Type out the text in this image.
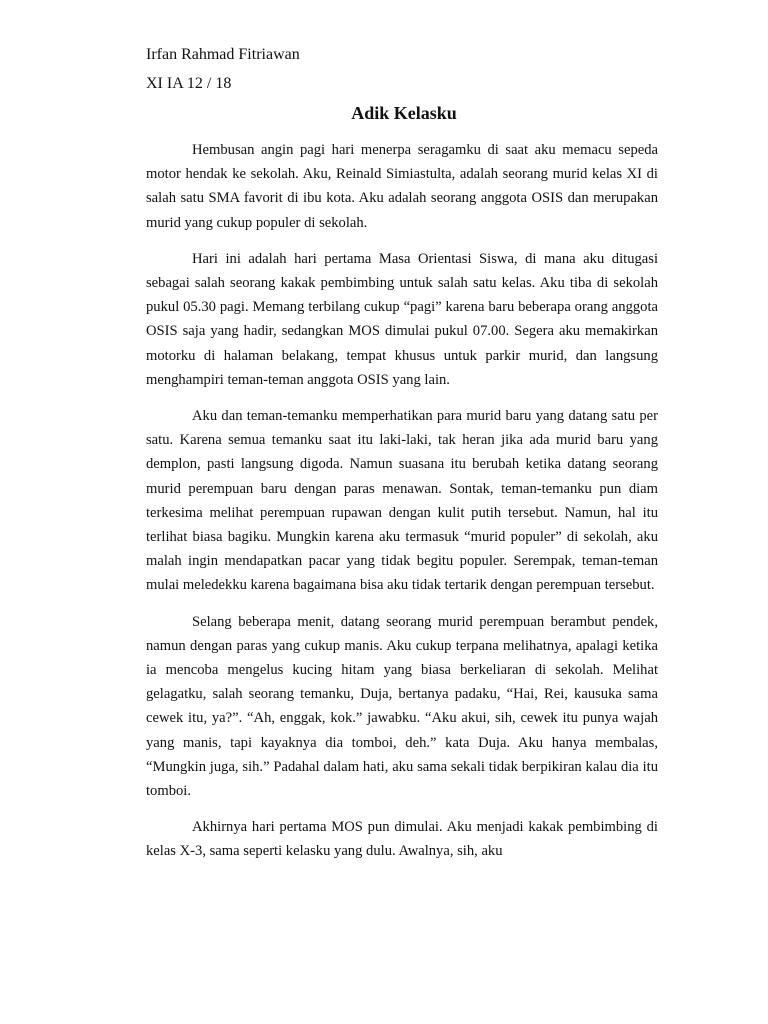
Irfan Rahmad Fitriawan
XI IA 12 / 18
Adik Kelasku

Hembusan angin pagi hari menerpa seragamku di saat aku memacu sepeda motor hendak ke sekolah. Aku, Reinald Simiastulta, adalah seorang murid kelas XI di salah satu SMA favorit di ibu kota. Aku adalah seorang anggota OSIS dan merupakan murid yang cukup populer di sekolah.

Hari ini adalah hari pertama Masa Orientasi Siswa, di mana aku ditugasi sebagai salah seorang kakak pembimbing untuk salah satu kelas. Aku tiba di sekolah pukul 05.30 pagi. Memang terbilang cukup “pagi” karena baru beberapa orang anggota OSIS saja yang hadir, sedangkan MOS dimulai pukul 07.00. Segera aku memakirkan motorku di halaman belakang, tempat khusus untuk parkir murid, dan langsung menghampiri teman-teman anggota OSIS yang lain.

Aku dan teman-temanku memperhatikan para murid baru yang datang satu per satu. Karena semua temanku saat itu laki-laki, tak heran jika ada murid baru yang demplon, pasti langsung digoda. Namun suasana itu berubah ketika datang seorang murid perempuan baru dengan paras menawan. Sontak, teman-temanku pun diam terkesima melihat perempuan rupawan dengan kulit putih tersebut. Namun, hal itu terlihat biasa bagiku. Mungkin karena aku termasuk “murid populer” di sekolah, aku malah ingin mendapatkan pacar yang tidak begitu populer. Serempak, teman-teman mulai meledekku karena bagaimana bisa aku tidak tertarik dengan perempuan tersebut.

Selang beberapa menit, datang seorang murid perempuan berambut pendek, namun dengan paras yang cukup manis. Aku cukup terpana melihatnya, apalagi ketika ia mencoba mengelus kucing hitam yang biasa berkeliaran di sekolah. Melihat gelagatku, salah seorang temanku, Duja, bertanya padaku, “Hai, Rei, kausuka sama cewek itu, ya?”. “Ah, enggak, kok.” jawabku. “Aku akui, sih, cewek itu punya wajah yang manis, tapi kayaknya dia tomboi, deh.” kata Duja. Aku hanya membalas, “Mungkin juga, sih.” Padahal dalam hati, aku sama sekali tidak berpikiran kalau dia itu tomboi.

Akhirnya hari pertama MOS pun dimulai. Aku menjadi kakak pembimbing di kelas X-3, sama seperti kelasku yang dulu. Awalnya, sih, aku
